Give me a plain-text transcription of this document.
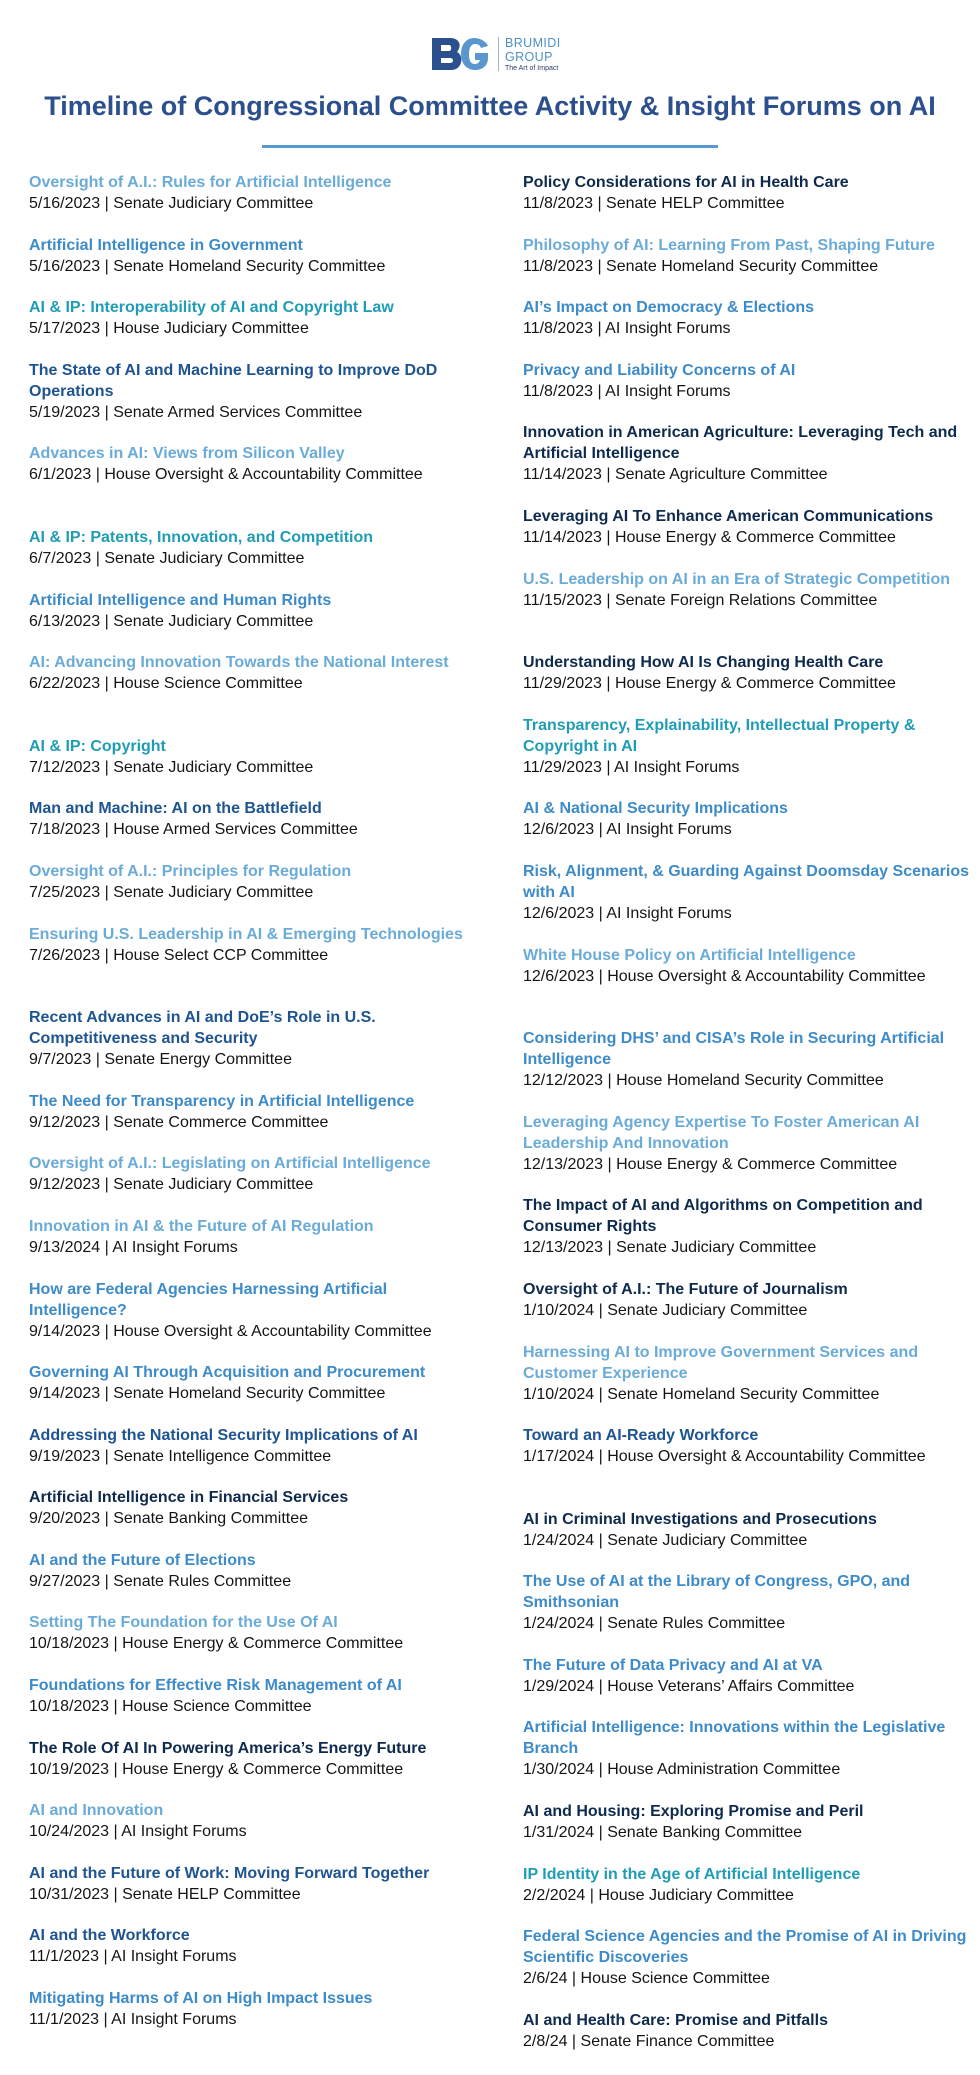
BRUMIDI
GROUP
The Art of Impact
Timeline of Congressional Committee Activity & Insight Forums on AI
Oversight of A.I.: Rules for Artificial Intelligence
5/16/2023 | Senate Judiciary Committee
Artificial Intelligence in Government
5/16/2023 | Senate Homeland Security Committee
AI & IP: Interoperability of AI and Copyright Law
5/17/2023 | House Judiciary Committee
The State of AI and Machine Learning to Improve DoD Operations
5/19/2023 | Senate Armed Services Committee
Advances in AI: Views from Silicon Valley
6/1/2023 | House Oversight & Accountability Committee
AI & IP: Patents, Innovation, and Competition
6/7/2023 | Senate Judiciary Committee
Artificial Intelligence and Human Rights
6/13/2023 | Senate Judiciary Committee
AI: Advancing Innovation Towards the National Interest
6/22/2023 | House Science Committee
AI & IP: Copyright
7/12/2023 | Senate Judiciary Committee
Man and Machine: AI on the Battlefield
7/18/2023 | House Armed Services Committee
Oversight of A.I.: Principles for Regulation
7/25/2023 | Senate Judiciary Committee
Ensuring U.S. Leadership in AI & Emerging Technologies
7/26/2023 | House Select CCP Committee
Recent Advances in AI and DoE’s Role in U.S. Competitiveness and Security
9/7/2023 | Senate Energy Committee
The Need for Transparency in Artificial Intelligence
9/12/2023 | Senate Commerce Committee
Oversight of A.I.: Legislating on Artificial Intelligence
9/12/2023 | Senate Judiciary Committee
Innovation in AI & the Future of AI Regulation
9/13/2024 | AI Insight Forums
How are Federal Agencies Harnessing Artificial Intelligence?
9/14/2023 | House Oversight & Accountability Committee
Governing AI Through Acquisition and Procurement
9/14/2023 | Senate Homeland Security Committee
Addressing the National Security Implications of AI
9/19/2023 | Senate Intelligence Committee
Artificial Intelligence in Financial Services
9/20/2023 | Senate Banking Committee
AI and the Future of Elections
9/27/2023 | Senate Rules Committee
Setting The Foundation for the Use Of AI
10/18/2023 | House Energy & Commerce Committee
Foundations for Effective Risk Management of AI
10/18/2023 | House Science Committee
The Role Of AI In Powering America’s Energy Future
10/19/2023 | House Energy & Commerce Committee
AI and Innovation
10/24/2023 | AI Insight Forums
AI and the Future of Work: Moving Forward Together
10/31/2023 | Senate HELP Committee
AI and the Workforce
11/1/2023 | AI Insight Forums
Mitigating Harms of AI on High Impact Issues
11/1/2023 | AI Insight Forums
Policy Considerations for AI in Health Care
11/8/2023 | Senate HELP Committee
Philosophy of AI: Learning From Past, Shaping Future
11/8/2023 | Senate Homeland Security Committee
AI’s Impact on Democracy & Elections
11/8/2023 | AI Insight Forums
Privacy and Liability Concerns of AI
11/8/2023 | AI Insight Forums
Innovation in American Agriculture: Leveraging Tech and Artificial Intelligence
11/14/2023 | Senate Agriculture Committee
Leveraging AI To Enhance American Communications
11/14/2023 | House Energy & Commerce Committee
U.S. Leadership on AI in an Era of Strategic Competition
11/15/2023 | Senate Foreign Relations Committee
Understanding How AI Is Changing Health Care
11/29/2023 | House Energy & Commerce Committee
Transparency, Explainability, Intellectual Property & Copyright in AI
11/29/2023 | AI Insight Forums
AI & National Security Implications
12/6/2023 | AI Insight Forums
Risk, Alignment, & Guarding Against Doomsday Scenarios with AI
12/6/2023 | AI Insight Forums
White House Policy on Artificial Intelligence
12/6/2023 | House Oversight & Accountability Committee
Considering DHS’ and CISA’s Role in Securing Artificial Intelligence
12/12/2023 | House Homeland Security Committee
Leveraging Agency Expertise To Foster American AI Leadership And Innovation
12/13/2023 | House Energy & Commerce Committee
The Impact of AI and Algorithms on Competition and Consumer Rights
12/13/2023 | Senate Judiciary Committee
Oversight of A.I.: The Future of Journalism
1/10/2024 | Senate Judiciary Committee
Harnessing AI to Improve Government Services and Customer Experience
1/10/2024 | Senate Homeland Security Committee
Toward an AI-Ready Workforce
1/17/2024 | House Oversight & Accountability Committee
AI in Criminal Investigations and Prosecutions
1/24/2024 | Senate Judiciary Committee
The Use of AI at the Library of Congress, GPO, and Smithsonian
1/24/2024 | Senate Rules Committee
The Future of Data Privacy and AI at VA
1/29/2024 | House Veterans’ Affairs Committee
Artificial Intelligence: Innovations within the Legislative Branch
1/30/2024 | House Administration Committee
AI and Housing: Exploring Promise and Peril
1/31/2024 | Senate Banking Committee
IP Identity in the Age of Artificial Intelligence
2/2/2024 | House Judiciary Committee
Federal Science Agencies and the Promise of AI in Driving Scientific Discoveries
2/6/24 | House Science Committee
AI and Health Care: Promise and Pitfalls
2/8/24 | Senate Finance Committee
